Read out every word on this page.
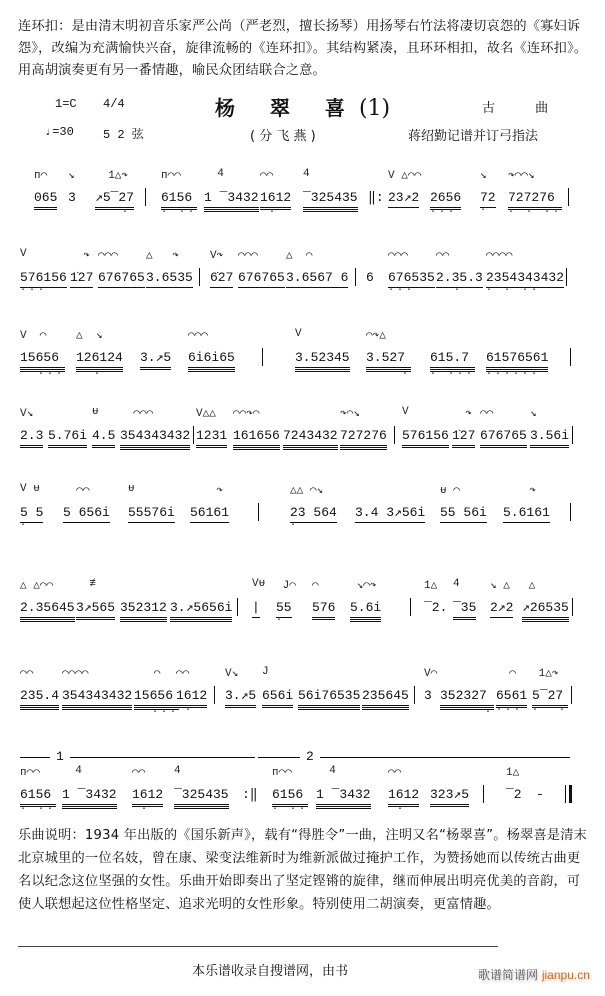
连环扣：是由清末明初音乐家严公尚（严老烈，擅长扬琴）用扬琴右竹法将凄切哀怨的《寡妇诉怨》，改编为充满愉快兴奋，旋律流畅的《连环扣》。其结构紧凑，且环环相扣，故名《连环扣》。用高胡演奏更有另一番情趣，喻民众团结联合之意。
1=C 4/4	杨 翠 喜(1)	古 曲
♩=30 5 2 弦	( 分 飞 燕 )	蒋绍勤记谱并订弓指法
ᴨ⌒
065
↘
3
1△↷
↗5‾27
·
ᴨ⌒⌒
6156
· ··
4
1 ‾3432
⌒⌒
1612
·
4
‾325435 ‖:
V △⌒⌒
23↗2 2656
···
↘
72
·
↷⌒⌒↘
727276
· · ··
V
576156
···
↷
1̇27
⌒⌒⌒
676765
△   ↷
3.6535
V↷
6̇27
⌒⌒⌒
676765
△  ⌒
3.6567 6 6
⌒⌒⌒
676535
···
⌒⌒
2.35.3
·
⌒⌒⌒⌒
2354343432
· · ··
V  ⌒
15656
···
△  ↘
126124
·
3.↗5
⌒⌒⌒
6i6i65
V
3.52345
⌒↷△
3.527
·
615.7
· ···
61576561
······
V↘
2.3 5.76i
ᵾ
4.5
⌒⌒⌒
354343432
V△△
1231
⌒⌒↷⌒
161656 7243432
↷⌒↘
727276
V
576156
↷
1̇27
⌒⌒
676765
↘
3.56i
V ᵾ
5 5
·
⌒⌒
5 656i
ᵾ
55576i
↷
56161
△△ ⌒↘
23 564
·
3.4 3↗56i
ᵾ ⌒
55 56i
↷
5.6161
△ △⌒⌒
2.35645
≢
3↗565 352312 3.↗5656i
Vᵾ
|
J⌒
55
·
⌒
576
↘⌒↷
5.6i
1△
‾2.
4
‾35
↘ △
2↗2
△
↗26535
⌒⌒
235.4
⌒⌒⌒⌒
354343432
⌒
15656
···
⌒⌒
1612
·
V↘
3.↗5
J
656i 56i76535 235645
V⌒
3 352327
·
⌒
6561
···
1△↷
5‾27
·  ·
1	2
ᴨ⌒⌒
6156
· ··
4
1 ‾3432
⌒⌒
1612
·
4
‾325435 :‖
ᴨ⌒⌒
6156
· ··
4
1 ‾3432
⌒⌒
1612
·
323↗5
1△
‾2 -
乐曲说明：1934 年出版的《国乐新声》，载有“得胜令”一曲，注明又名“杨翠喜”。杨翠喜是清末北京城里的一位名妓，曾在康、梁变法维新时为维新派做过掩护工作，为赞扬她而以传统古曲更名以纪念这位坚强的女性。乐曲开始即奏出了坚定铿锵的旋律，继而伸展出明亮优美的音韵，可使人联想起这位性格坚定、追求光明的女性形象。特别使用二胡演奏，更富情趣。
本乐谱收录自搜谱网，由书	歌谱简谱网 jianpu.cn
